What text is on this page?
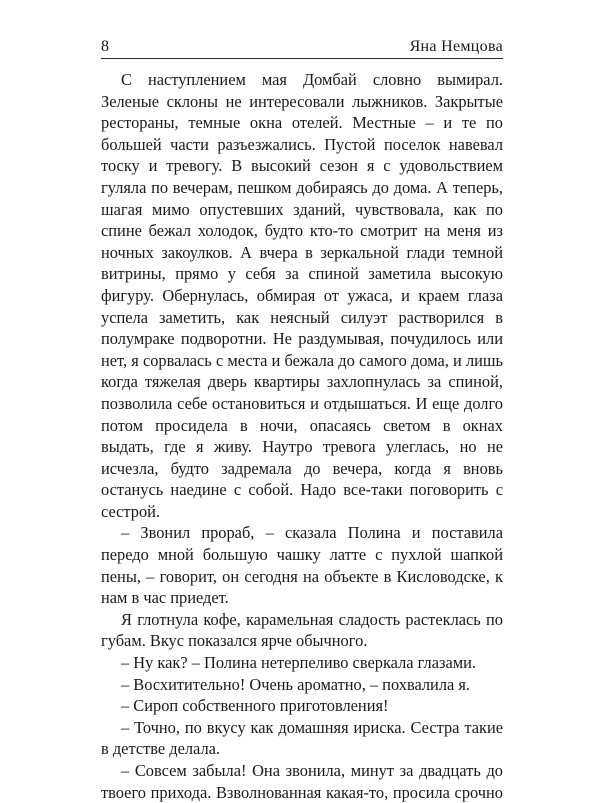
8	Яна Немцова

С наступлением мая Домбай словно вымирал. Зеленые склоны не интересовали лыжников. Закрытые рестораны, темные окна отелей. Местные – и те по большей части разъезжались. Пустой поселок навевал тоску и тревогу. В высокий сезон я с удовольствием гуляла по вечерам, пешком добираясь до дома. А теперь, шагая мимо опустевших зданий, чувствовала, как по спине бежал холодок, будто кто-то смотрит на меня из ночных закоулков. А вчера в зеркальной глади темной витрины, прямо у себя за спиной заметила высокую фигуру. Обернулась, обмирая от ужаса, и краем глаза успела заметить, как неясный силуэт растворился в полумраке подворотни. Не раздумывая, почудилось или нет, я сорвалась с места и бежала до самого дома, и лишь когда тяжелая дверь квартиры захлопнулась за спиной, позволила себе остановиться и отдышаться. И еще долго потом просидела в ночи, опасаясь светом в окнах выдать, где я живу. Наутро тревога улеглась, но не исчезла, будто задремала до вечера, когда я вновь останусь наедине с собой. Надо все-таки поговорить с сестрой.

– Звонил прораб, – сказала Полина и поставила передо мной большую чашку латте с пухлой шапкой пены, – говорит, он сегодня на объекте в Кисловодске, к нам в час приедет.

Я глотнула кофе, карамельная сладость растеклась по губам. Вкус показался ярче обычного.

– Ну как? – Полина нетерпеливо сверкала глазами.

– Восхитительно! Очень ароматно, – похвалила я.

– Сироп собственного приготовления!

– Точно, по вкусу как домашняя ириска. Сестра такие в детстве делала.

– Совсем забыла! Она звонила, минут за двадцать до твоего прихода. Взволнованная какая-то, просила срочно
